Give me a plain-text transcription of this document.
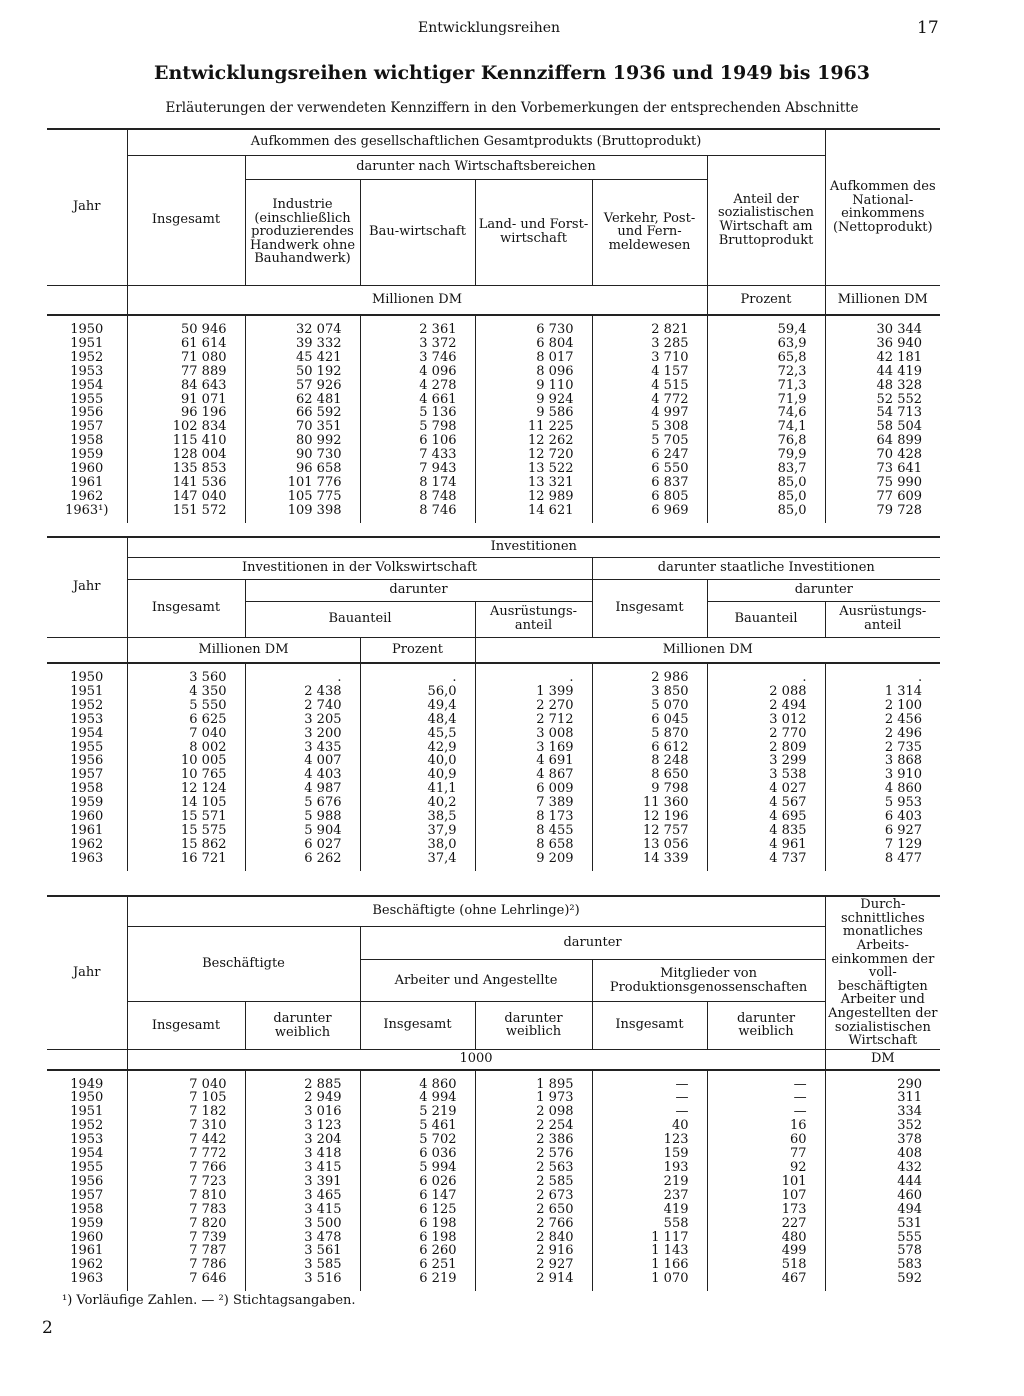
Entwicklungsreihen	17
Entwicklungsreihen wichtiger Kennziffern 1936 und 1949 bis 1963
Erläuterungen der verwendeten Kennziffern in den Vorbemerkungen der entsprechenden Abschnitte
Jahr	Aufkommen des gesellschaftlichen Gesamtprodukts (Bruttoprodukt)						Aufkommen des National-einkommens (Nettoprodukt)
	Insgesamt	darunter nach Wirtschaftsbereichen				Anteil der sozialistischen Wirtschaft am Bruttoprodukt	
		Industrie (einschließlich produzierendes Handwerk ohne Bauhandwerk)	Bau-wirtschaft	Land- und Forst-wirtschaft	Verkehr, Post- und Fern-meldewesen		
	Millionen DM					Prozent	Millionen DM
1950	50 946	32 074	2 361	6 730	2 821	59,4	30 344
1951	61 614	39 332	3 372	6 804	3 285	63,9	36 940
1952	71 080	45 421	3 746	8 017	3 710	65,8	42 181
1953	77 889	50 192	4 096	8 096	4 157	72,3	44 419
1954	84 643	57 926	4 278	9 110	4 515	71,3	48 328
1955	91 071	62 481	4 661	9 924	4 772	71,9	52 552
1956	96 196	66 592	5 136	9 586	4 997	74,6	54 713
1957	102 834	70 351	5 798	11 225	5 308	74,1	58 504
1958	115 410	80 992	6 106	12 262	5 705	76,8	64 899
1959	128 004	90 730	7 433	12 720	6 247	79,9	70 428
1960	135 853	96 658	7 943	13 522	6 550	83,7	73 641
1961	141 536	101 776	8 174	13 321	6 837	85,0	75 990
1962	147 040	105 775	8 748	12 989	6 805	85,0	77 609
1963¹)	151 572	109 398	8 746	14 621	6 969	85,0	79 728
Jahr	Investitionen						
	Investitionen in der Volkswirtschaft				darunter staatliche Investitionen		
	Insgesamt	darunter			Insgesamt	darunter	
		Bauanteil		Ausrüstungs-anteil		Bauanteil	Ausrüstungs-anteil
	Millionen DM		Prozent	Millionen DM			
1950	3 560	.	.	.	2 986	.	.
1951	4 350	2 438	56,0	1 399	3 850	2 088	1 314
1952	5 550	2 740	49,4	2 270	5 070	2 494	2 100
1953	6 625	3 205	48,4	2 712	6 045	3 012	2 456
1954	7 040	3 200	45,5	3 008	5 870	2 770	2 496
1955	8 002	3 435	42,9	3 169	6 612	2 809	2 735
1956	10 005	4 007	40,0	4 691	8 248	3 299	3 868
1957	10 765	4 403	40,9	4 867	8 650	3 538	3 910
1958	12 124	4 987	41,1	6 009	9 798	4 027	4 860
1959	14 105	5 676	40,2	7 389	11 360	4 567	5 953
1960	15 571	5 988	38,5	8 173	12 196	4 695	6 403
1961	15 575	5 904	37,9	8 455	12 757	4 835	6 927
1962	15 862	6 027	38,0	8 658	13 056	4 961	7 129
1963	16 721	6 262	37,4	9 209	14 339	4 737	8 477
Jahr	Beschäftigte (ohne Lehrlinge)²)						Durch-schnittliches monatliches Arbeits-einkommen der voll-beschäftigten Arbeiter und Angestellten der sozialistischen Wirtschaft
	Beschäftigte		darunter				
			Arbeiter und Angestellte		Mitglieder von Produktionsgenossenschaften		

	Insgesamt	darunter weiblich	Insgesamt	darunter weiblich	Insgesamt	darunter weiblich	
	1000						DM
1949	7 040	2 885	4 860	1 895	—	—	290
1950	7 105	2 949	4 994	1 973	—	—	311
1951	7 182	3 016	5 219	2 098	—	—	334
1952	7 310	3 123	5 461	2 254	40	16	352
1953	7 442	3 204	5 702	2 386	123	60	378
1954	7 772	3 418	6 036	2 576	159	77	408
1955	7 766	3 415	5 994	2 563	193	92	432
1956	7 723	3 391	6 026	2 585	219	101	444
1957	7 810	3 465	6 147	2 673	237	107	460
1958	7 783	3 415	6 125	2 650	419	173	494
1959	7 820	3 500	6 198	2 766	558	227	531
1960	7 739	3 478	6 198	2 840	1 117	480	555
1961	7 787	3 561	6 260	2 916	1 143	499	578
1962	7 786	3 585	6 251	2 927	1 166	518	583
1963	7 646	3 516	6 219	2 914	1 070	467	592
¹) Vorläufige Zahlen. — ²) Stichtagsangaben.
2
